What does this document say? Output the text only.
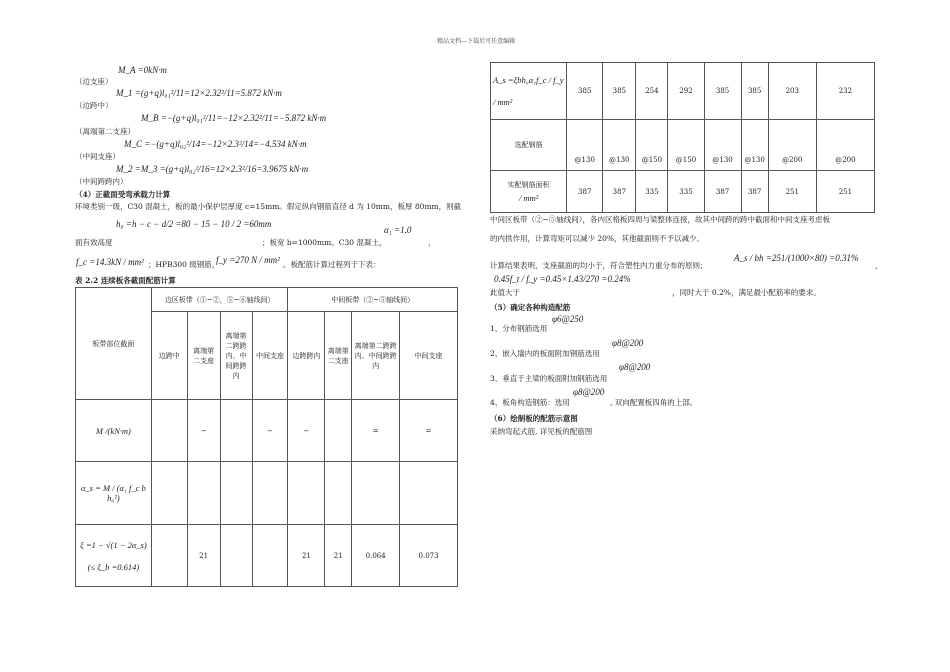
精品文档---下载后可任意编辑
M_A =0kN·m
（边支座）
M_1 =(g+q)l₀₁²/11=12×2.32²/11=5.872 kN·m
（边跨中）
M_B =−(g+q)l₀₁²/11=−12×2.32²/11=−5.872 kN·m
（离端第二支座）
M_C =−(g+q)l₀₂²/14=−12×2.3²/14=−4.534 kN·m
（中间支座）
M_2 =M_3 =(g+q)l₀₂²/16=12×2.3²/16=3.9675 kN·m
（中间跨跨内）
（4）正截面受弯承载力计算
环境类别一级，C30 混凝土，板的最小保护层厚度 c=15mm。假定纵向钢筋直径 d 为 10mm，板厚 80mm，则截
h₀ =h − c − d/2 =80 − 15 − 10 / 2 =60mm
α₁ =1.0
面有效高度	；板宽 b=1000mm。C30 混凝土，	，
f_c =14.3kN / mm² ；HPB300 级钢筋，
f_y =270 N / mm² 。板配筋计算过程列于下表：
表 2.2 连续板各截面配筋计算
板带部位截面	边区板带（①~②，⑤~⑥轴线间）				中间板带（②~⑤轴线间）			
	边跨中	离端第二支座	离端第二跨跨内、中间跨跨内	中间支座	边跨跨内	离端第二支座	离端第二跨跨内、中间跨跨内	中间支座
M /(kN·m)		−		−	−		=	=
α_s = M / (α₁ f_c b h₀²)								

ξ =1 − √(1 − 2α_s)
(≤ ξ_b =0.614)		21			21	21	0.064	0.073
A_s =ξbh₀α₁f_c / f_y
/ mm²	385	385	254	292	385	385	203	232
选配钢筋	@130	@130	@150	@150	@130	@130	@200	@200

实配钢筋面积
/ mm²	387	387	335	335	387	387	251	251
中间区板带（②~⑤轴线间），各内区格板四周与梁整体连接，故其中间跨的跨中截面和中间支座考虑板
的内拱作用，计算弯矩可以减少 20%，其他截面则不予以减少。
A_s / bh =251/(1000×80) =0.31%
计算结果表明，支座截面的均小于，符合塑性内力重分布的原则；	，
0.45f_t / f_y =0.45×1.43/270 =0.24%
此值大于	，同时大于 0.2%，满足最小配筋率的要求。
（5）确定各种构造配筋
φ6@250
1、分布钢筋选用
φ8@200
2、嵌入墙内的板面附加钢筋选用
φ8@200
3、垂直于主梁的板面附加钢筋选用
φ8@200
4、板角构造钢筋：选用	, 双向配置板四角的上部。
（6）绘制板的配筋示意图
采纳弯起式筋, 详见板的配筋图
